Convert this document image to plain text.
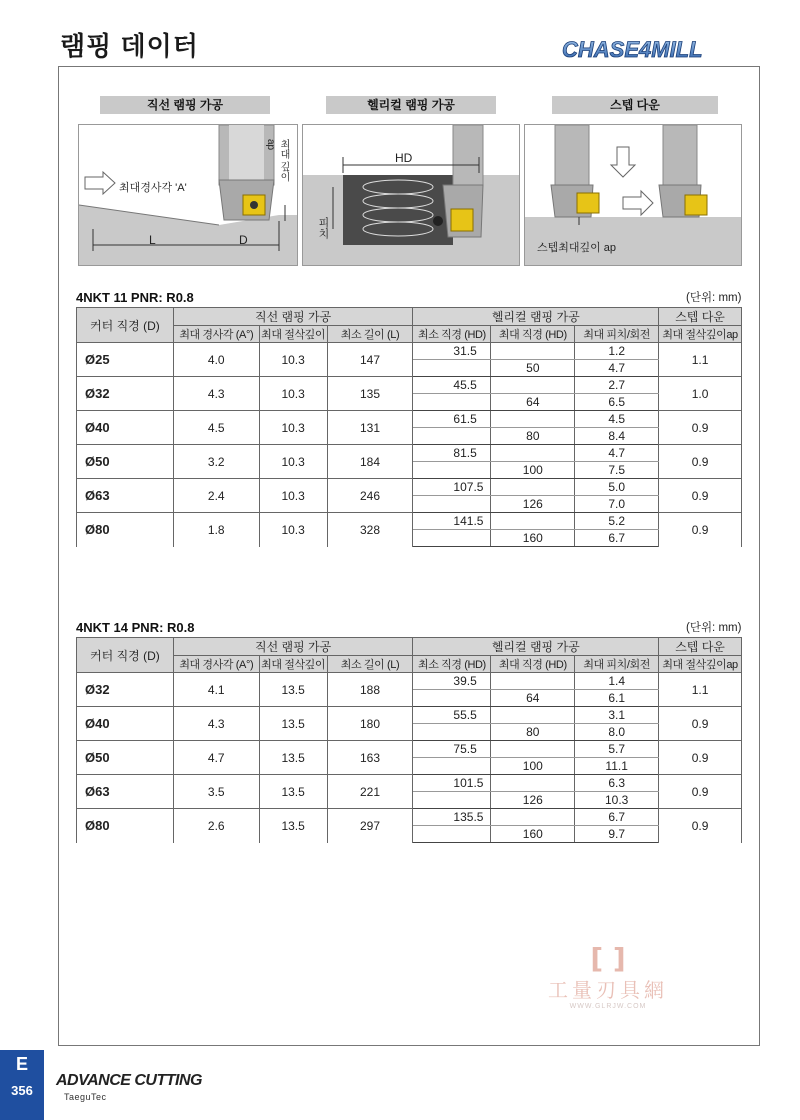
램핑 데이터	CHASE4MILL
직선 램핑 가공	헬리컬 램핑 가공	스텝 다운
최대경사각 'A'
최대 깊이
ap
L	D
HD
피치
스텝최대깊이 ap
4NKT 11 PNR: R0.8	(단위: mm)
커터 직경 (D)	직선 램핑 가공			헬리컬 램핑 가공			스텝 다운
	최대 경사각 (A°)	최대 절삭깊이	최소 길이 (L)	최소 직경 (HD)	최대 직경 (HD)	최대 피치/회전	최대 절삭깊이ap
Ø25	4.0	10.3	147	31.5		1.2	1.1
					50	4.7	
Ø32	4.3	10.3	135	45.5		2.7	1.0
					64	6.5	
Ø40	4.5	10.3	131	61.5		4.5	0.9
					80	8.4	
Ø50	3.2	10.3	184	81.5		4.7	0.9
					100	7.5	
Ø63	2.4	10.3	246	107.5		5.0	0.9
					126	7.0	
Ø80	1.8	10.3	328	141.5		5.2	0.9
					160	6.7	
4NKT 14 PNR: R0.8	(단위: mm)
커터 직경 (D)	직선 램핑 가공			헬리컬 램핑 가공			스텝 다운
	최대 경사각 (A°)	최대 절삭깊이	최소 길이 (L)	최소 직경 (HD)	최대 직경 (HD)	최대 피치/회전	최대 절삭깊이ap
Ø32	4.1	13.5	188	39.5		1.4	1.1
					64	6.1	
Ø40	4.3	13.5	180	55.5		3.1	0.9
					80	8.0	
Ø50	4.7	13.5	163	75.5		5.7	0.9
					100	11.1	
Ø63	3.5	13.5	221	101.5		6.3	0.9
					126	10.3	
Ø80	2.6	13.5	297	135.5		6.7	0.9
					160	9.7	
[ ]
工量刃具網
WWW.GLRJW.COM
E
356
ADVANCE CUTTING
TaeguTec
